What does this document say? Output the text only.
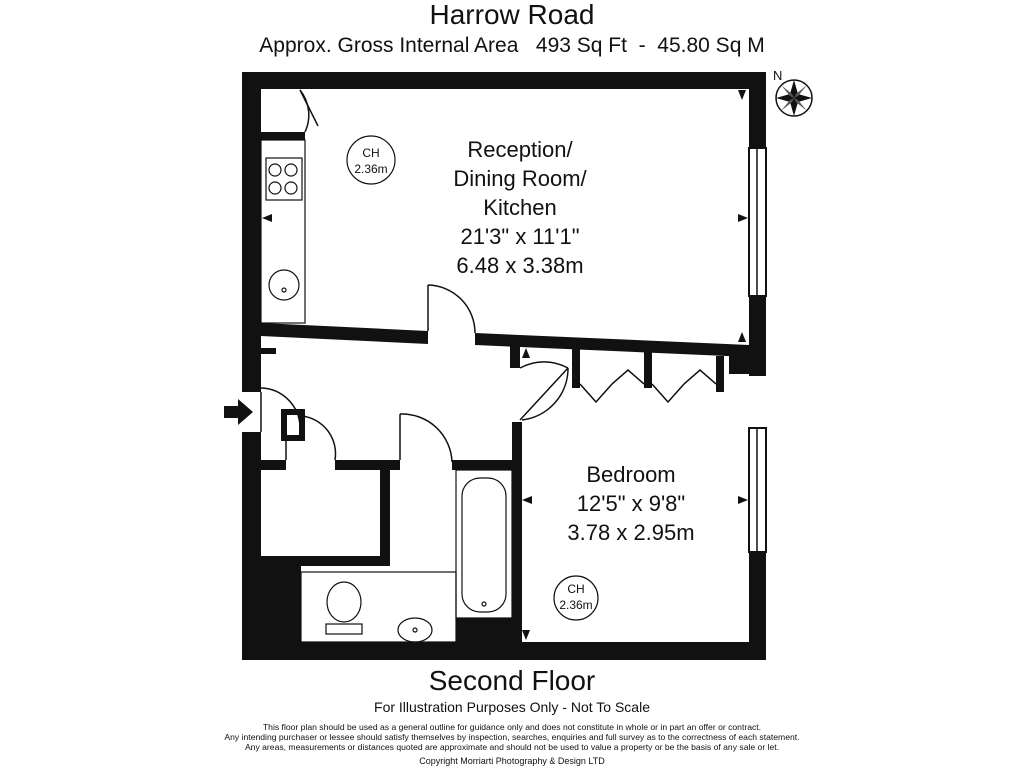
Harrow Road
Approx. Gross Internal Area   493 Sq Ft  -  45.80 Sq M
N
Reception/
Dining Room/
Kitchen
21'3" x 11'1"
6.48 x 3.38m
CH
2.36m
Bedroom
12'5" x 9'8"
3.78 x 2.95m
CH
2.36m
Second Floor
For Illustration Purposes Only - Not To Scale
This floor plan should be used as a general outline for guidance only and does not constitute in whole or in part an offer or contract.
Any intending purchaser or lessee should satisfy themselves by inspection, searches, enquiries and full survey as to the correctness of each statement.
Any areas, measurements or distances quoted are approximate and should not be used to value a property or be the basis of any sale or let.
Copyright Morriarti Photography & Design LTD
